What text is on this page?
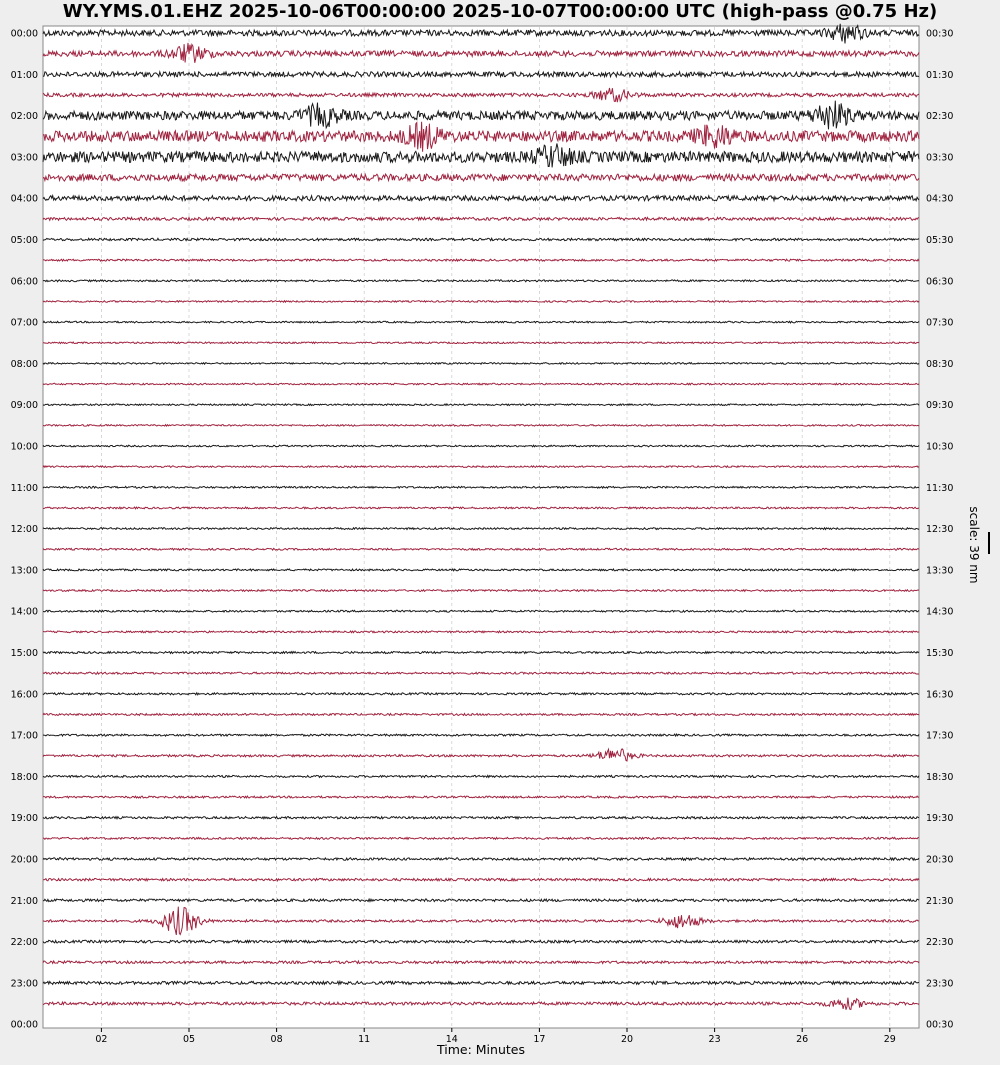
WY.YMS.01.EHZ 2025-10-06T00:00:00 2025-10-07T00:00:00 UTC (high-pass @0.75 Hz)
00:00
01:00
02:00
03:00
04:00
05:00
06:00
07:00
08:00
09:00
10:00
11:00
12:00
13:00
14:00
15:00
16:00
17:00
18:00
19:00
20:00
21:00
22:00
23:00
00:00
00:30
01:30
02:30
03:30
04:30
05:30
06:30
07:30
08:30
09:30
10:30
11:30
12:30
13:30
14:30
15:30
16:30
17:30
18:30
19:30
20:30
21:30
22:30
23:30
00:30
02	05	08	11	14	17	20	23	26	29
Time: Minutes
scale: 39 nm
